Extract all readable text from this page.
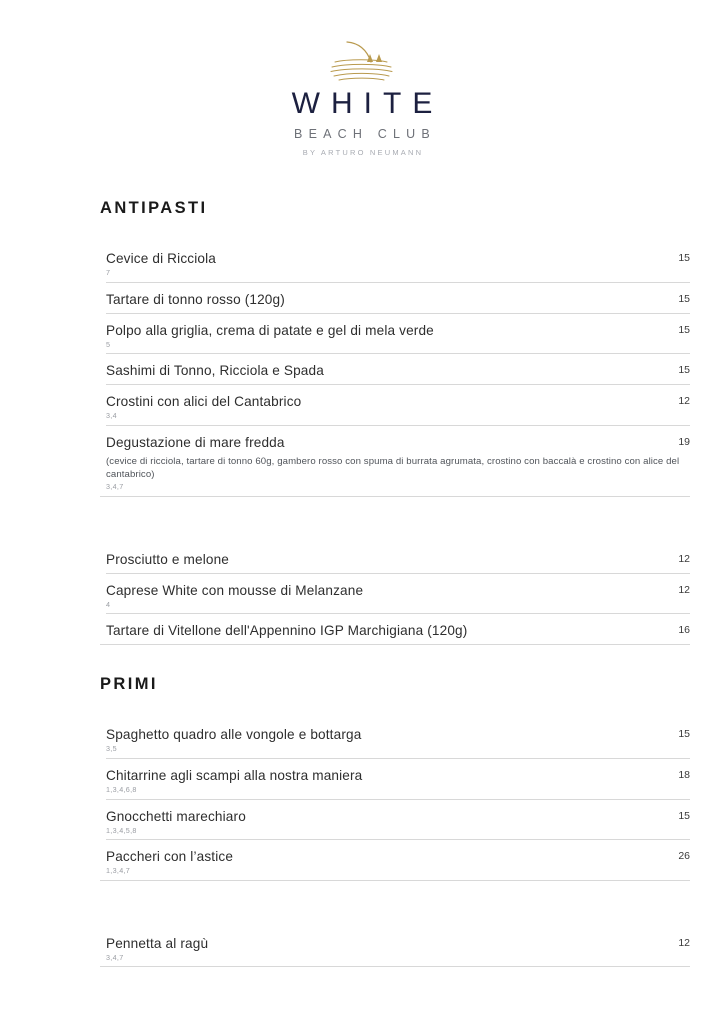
WHITE
BEACH CLUB
BY ARTURO NEUMANN
ANTIPASTI
Cevice di Ricciola	15
7
Tartare di tonno rosso (120g)	15
Polpo alla griglia, crema di patate e gel di mela verde	15
5
Sashimi di Tonno, Ricciola e Spada	15
Crostini con alici del Cantabrico	12
3,4
Degustazione di mare fredda	19
(cevice di ricciola, tartare di tonno 60g, gambero rosso con spuma di burrata agrumata, crostino con baccalà e crostino con alice del cantabrico)
3,4,7
Prosciutto e melone	12
Caprese White con mousse di Melanzane	12
4
Tartare di Vitellone dell'Appennino IGP Marchigiana (120g)	16
PRIMI
Spaghetto quadro alle vongole e bottarga	15
3,5
Chitarrine agli scampi alla nostra maniera	18
1,3,4,6,8
Gnocchetti marechiaro	15
1,3,4,5,8
Paccheri con l’astice	26
1,3,4,7
Pennetta al ragù	12
3,4,7
